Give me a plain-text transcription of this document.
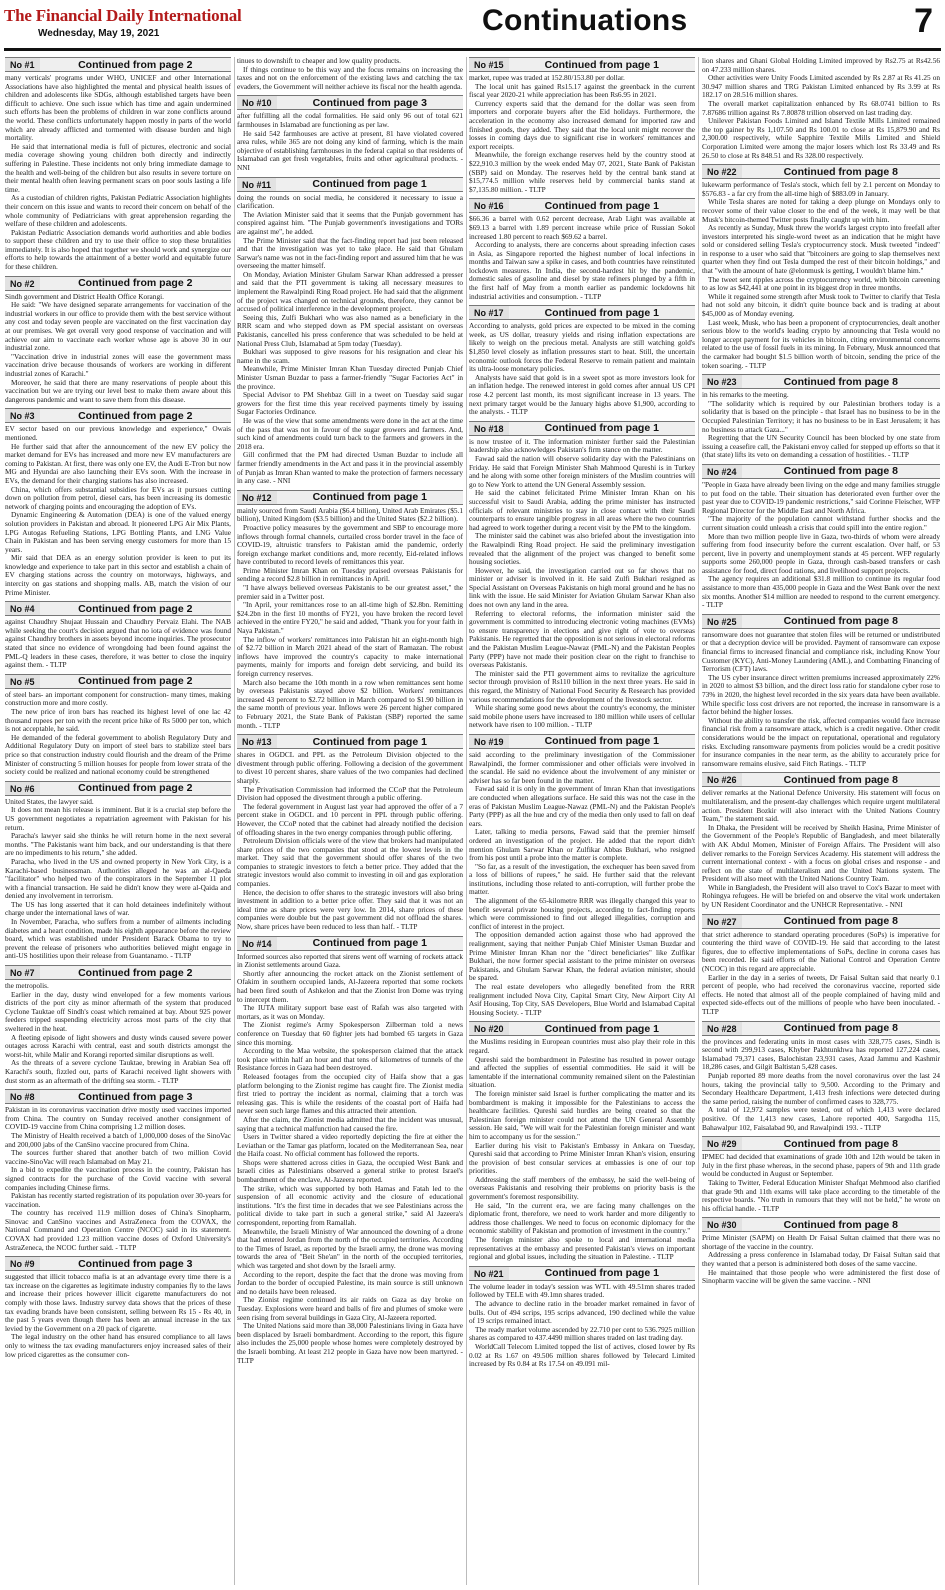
The Financial Daily International
Wednesday, May 19, 2021	Continuations	7
No #1	Continued from page 2

many verticals' programs under WHO, UNICEF and other International Associations have also highlighted the mental and physical health issues of children and adolescents like SDGs, although established targets have been difficult to achieve. One such issue which has time and again undermined such efforts has been the problems of children in war zone conflicts around the world. These conflicts unfortunately happen mostly in parts of the world which are already afflicted and tormented with disease burden and high mortality.

He said that international media is full of pictures, electronic and social media coverage showing young children both directly and indirectly suffering in Palestine. These incidents not only bring immediate damage to the health and well-being of the children but also results in severe torture on their mental health often leaving permanent scars on poor souls lasting a life time.

As a custodian of children rights, Pakistan Pediatric Association highlights their concern on this issue and wants to record their concern on behalf of the whole community of Pediatricians with great apprehension regarding the welfare of these children and adolescents.

Pakistan Pediatric Association demands world authorities and able bodies to support these children and try to use their office to stop these brutalities immediately. It is also hoped that together we should work and synergize our efforts to help towards the attainment of a better world and equitable future for these children.

No #2	Continued from page 2

Sindh government and District Health Office Korangi.

He said: "We have designed separate arrangements for vaccination of the industrial workers in our office to provide them with the best service without any cost and today seven people are vaccinated on the first vaccination day at our premises. We get overall very good response of vaccination and will achieve our aim to vaccinate each worker whose age is above 30 in our industrial zone.

"Vaccination drive in industrial zones will ease the government mass vaccination drive because thousands of workers are working in different industrial zones of Karachi."

Moreover, he said that there are many reservations of people about this vaccination but we are trying our level best to make them aware about this dangerous pandemic and want to save them from this disease.

No #3	Continued from page 2

EV sector based on our previous knowledge and experience," Owais mentioned.

He further said that after the announcement of the new EV policy the market demand for EVs has increased and more new EV manufacturers are coming to Pakistan. At first, there was only one EV, the Audi E-Tron but now MG and Hyundai are also launching their EVs soon. With the increase in EVs, the demand for their charging stations has also increased.

China, which offers substantial subsidies for EVs as it pursues cutting down on pollution from petrol, diesel cars, has been increasing its domestic network of charging points and encouraging the adoption of EVs.

Dynamic Engineering & Automation (DEA) is one of the valued energy solution providers in Pakistan and abroad. It pioneered LPG Air Mix Plants, LPG Autogas Refueling Stations, LPG Bottling Plants, and LNG Value Chain in Pakistan and has been serving energy customers for more than 15 years.

Mir said that DEA as an energy solution provider is keen to put its knowledge and experience to take part in this sector and establish a chain of EV charging stations across the country on motorways, highways, and intercity on gas stations and shopping malls. AB, match the vision of our Prime Minister.

No #4	Continued from page 2

against Chaudhry Shujaat Hussain and Chaudhry Pervaiz Elahi. The NAB while seeking the court's decision argued that no iota of evidence was found against Chaudhry brothers in assets beyond income inquiries. The prosecutor stated that since no evidence of wrongdoing had been found against the PML-Q leaders in these cases, therefore, it was better to close the inquiry against them. - TLTP

No #5	Continued from page 2

of steel bars- an important component for construction- many times, making construction more and more costly.

The new price of iron bars has reached its highest level of one lac 42 thousand rupees per ton with the recent price hike of Rs 5000 per ton, which is not acceptable, he said.

He demanded of the federal government to abolish Regulatory Duty and Additional Regulatory Duty on import of steel bars to stabilize steel bars price so that construction industry could flourish and the dream of the Prime Minister of constructing 5 million houses for people from lower strata of the society could be realized and national economy could be strengthened

No #6	Continued from page 2

United States, the lawyer said.

It does not mean his release is imminent. But it is a crucial step before the US government negotiates a repatriation agreement with Pakistan for his return.

Paracha's lawyer said she thinks he will return home in the next several months. "The Pakistanis want him back, and our understanding is that there are no impediments to his return," she added.

Paracha, who lived in the US and owned property in New York City, is a Karachi-based businessman. Authorities alleged he was an al-Qaeda "facilitator" who helped two of the conspirators in the September 11 plot with a financial transaction. He said he didn't know they were al-Qaida and denied any involvement in terrorism.

The US has long asserted that it can hold detainees indefinitely without charge under the international laws of war.

In November, Paracha, who suffers from a number of ailments including diabetes and a heart condition, made his eighth appearance before the review board, which was established under President Barack Obama to try to prevent the release of prisoners who authorities believed might engage in anti-US hostilities upon their release from Guantanamo. - TLTP

No #7	Continued from page 2

the metropolis.

Earlier in the day, dusty wind enveloped for a few moments various districts of the port city as minor aftermath of the system that produced Cyclone Tauktae off Sindh's coast which remained at bay. About 925 power feeders tripped suspending electricity across most parts of the city that sweltered in the heat.

A fleeting episode of light showers and dusty winds caused severe power outages across Karachi with central, east and south districts amongst the worst-hit, while Malir and Korangi reported similar disruptions as well.

As the threats of a severe cyclone Tauktae, brewing in Arabian Sea off Karachi's south, fizzled out, parts of Karachi received light showers with dust storm as an aftermath of the drifting sea storm. - TLTP

No #8	Continued from page 3

Pakistan in its coronavirus vaccination drive mostly used vaccines imported from China. The country on Sunday received another consignment of COVID-19 vaccine from China comprising 1.2 million doses.

The Ministry of Health received a batch of 1,000,000 doses of the SinoVac and 200,000 jabs of the CanSino vaccine procured from China.

The sources further shared that another batch of two million Covid vaccine-SinoVac will reach Islamabad on May 21.

In a bid to expedite the vaccination process in the country, Pakistan has signed contracts for the purchase of the Covid vaccine with several companies including Chinese firms.

Pakistan has recently started registration of its population over 30-years for vaccination.

The country has received 11.9 million doses of China's Sinopharm, Sinovac and CanSino vaccines and AstraZeneca from the COVAX, the National Command and Operation Centre (NCOC) said in its statement. COVAX had provided 1.23 million vaccine doses of Oxford University's AstraZeneca, the NCOC further said. - TLTP

No #9	Continued from page 3

suggested that illicit tobacco mafia is at an advantage every time there is a tax increase on the cigarettes as legitimate industry companies fly to the laws and increase their prices however illicit cigarette manufacturers do not comply with those laws. Industry survey data shows that the prices of these tax evading brands have been consistent, selling between Rs 15 - Rs 40, in the past 5 years even though there has been an annual increase in the tax levied by the Government on a 20 pack of cigarette.

The legal industry on the other hand has ensured compliance to all laws only to witness the tax evading manufacturers enjoy increased sales of their low priced cigarettes as the consumer con-

tinues to downshift to cheaper and low quality products.

If things continue to be this way and the focus remains on increasing the taxes and not on the enforcement of the existing laws and catching the tax evaders, the Government will neither achieve its fiscal nor the health agenda.

No #10	Continued from page 3

after fulfilling all the codal formalities. He said only 96 out of total 621 farmhouses in Islamabad are functioning as per law.

He said 542 farmhouses are active at present, 81 have violated covered area rules, while 365 are not doing any kind of farming, which is the main objective of establishing farmhouses in the federal capital so that residents of Islamabad can get fresh vegetables, fruits and other agricultural products. - NNI

No #11	Continued from page 1

doing the rounds on social media, he considered it necessary to issue a clarification.

The Aviation Minister said that it seems that the Punjab government has conspired against him. "The Punjab government's investigations and TORs are against me", he added.

The Prime Minister said that the fact-finding report had just been released and that the investigation was yet to take place. He said that Ghulam Sarwar's name was not in the fact-finding report and assured him that he was overseeing the matter himself.

On Monday, Aviation Minister Ghulam Sarwar Khan addressed a presser and said that the PTI government is taking all necessary measures to implement the Rawalpindi Ring Road project. He had said that the alignment of the project was changed on technical grounds, therefore, they cannot be accused of political interference in the development project.

Seeing this, Zulfi Bukhari who was also named as a beneficiary in the RRR scam and who stepped down as PM special assistant on overseas Pakistanis, cancelled his press conference that was scheduled to be held at National Press Club, Islamabad at 5pm today (Tuesday).

Bukhari was supposed to give reasons for his resignation and clear his name in the scam.

Meanwhile, Prime Minister Imran Khan Tuesday directed Punjab Chief Minister Usman Buzdar to pass a farmer-friendly "Sugar Factories Act" in the province.

Special Advisor to PM Shehbaz Gill in a tweet on Tuesday said sugar growers for the first time this year received payments timely by issuing Sugar Factories Ordinance.

He was of the view that some amendments were done in the act at the time of the pass that was not in favour of the sugar growers and farmers. And, such kind of amendments could turn back to the farmers and growers in the 2018 era.

Gill confirmed that the PM had directed Usman Buzdar to include all farmer friendly amendments in the Act and pass it in the provincial assembly of Punjab as Imran Khan wanted to make the protection of farmers necessary in any case. - NNI

No #12	Continued from page 1

mainly sourced from Saudi Arabia ($6.4 billion), United Arab Emirates ($5.1 billion), United Kingdom ($3.5 billion) and the United States ($2.2 billion).

Proactive policy measures by the government and SBP to encourage more inflows through formal channels, curtailed cross border travel in the face of COVID-19, altruistic transfers to Pakistan amid the pandemic, orderly foreign exchange market conditions and, more recently, Eid-related inflows have contributed to record levels of remittances this year.

Prime Minister Imran Khan on Tuesday praised overseas Pakistanis for sending a record $2.8 billion in remittances in April.

"I have always believed overseas Pakistanis to be our greatest asset," the premier said in a Twitter post.

"In April, your remittances rose to an all-time high of $2.8bn. Remitting $24.2bn in the first 10 months of FY21, you have broken the record level achieved in the entire FY20," he said and added, "Thank you for your faith in Naya Pakistan."

The inflow of workers' remittances into Pakistan hit an eight-month high of $2.72 billion in March 2021 ahead of the start of Ramazan. The robust inflows have improved the country's capacity to make international payments, mainly for imports and foreign debt servicing, and build its foreign currency reserves.

March also became the 10th month in a row when remittances sent home by overseas Pakistanis stayed above $2 billion. Workers' remittances increased 43 percent to $2.72 billion in March compared to $1.90 billion in the same month of previous year. Inflows were 26 percent higher compared to February 2021, the State Bank of Pakistan (SBP) reported the same month. - TLTP

No #13	Continued from page 1

shares in OGDCL and PPL as the Petroleum Division objected to the divestment through public offering. Following a decision of the government to divest 10 percent shares, share values of the two companies had declined sharply.

The Privatisation Commission had informed the CCoP that the Petroleum Division had opposed the divestment through a public offering.

The federal government in August last year had approved the offer of a 7 percent stake in OGDCL and 10 percent in PPL through public offering. However, the CCoP noted that the cabinet had already notified the decision of offloading shares in the two energy companies through public offering.

Petroleum Division officials were of the view that brokers had manipulated share prices of the two companies that stood at the lowest levels in the market. They said that the government should offer shares of the two companies to strategic investors to fetch a better price. They added that the strategic investors would also commit to investing in oil and gas exploration companies.

Hence, the decision to offer shares to the strategic investors will also bring investment in addition to a better price offer. They said that it was not an ideal time as share prices were very low. In 2014, share prices of these companies were double but the past government did not offload the shares. Now, share prices have been reduced to less than half. - TLTP

No #14	Continued from page 1

Informed sources also reported that sirens went off warning of rockets attack in Zionist settlements around Gaza.

Shortly after announcing the rocket attack on the Zionist settlement of Ofakim in southern occupied lands, Al-Jazeera reported that some rockets had been fired south of Ashkelon and that the Zionist Iron Dome was trying to intercept them.

The IUTA military support base east of Rafah was also targeted with mortars, as it was on Monday.

The Zionist regime's Army Spokesperson Zilberman told a news conference on Tuesday that 60 fighter jets had bombed 65 targets in Gaza since this morning.

According to the Maa website, the spokesperson claimed that the attack took place within half an hour and that tens of kilometres of tunnels of the Resistance forces in Gaza had been destroyed.

Released footages from the occupied city of Haifa show that a gas platform belonging to the Zionist regime has caught fire. The Zionist media first tried to portray the incident as normal, claiming that a torch was releasing gas. This is while the residents of the coastal port of Haifa had never seen such large flames and this attracted their attention.

After the claim, the Zionist media admitted that the incident was unusual, saying that a technical malfunction had caused the fire.

Users in Twitter shared a video reportedly depicting the fire at either the Leviathan or the Tamar gas platform, located on the Mediterranean Sea, near the Haifa coast. No official comment has followed the reports.

Shops were shattered across cities in Gaza, the occupied West Bank and Israeli cities as Palestinians observed a general strike to protest Israel's bombardment of the enclave, Al-Jazeera reported.

The strike, which was supported by both Hamas and Fatah led to the suspension of all economic activity and the closure of educational institutions. "It's the first time in decades that we see Palestinians across the political divide to take part in such a general strike," said Al Jazeera's correspondent, reporting from Ramallah.

Meanwhile, the Israeli Ministry of War announced the downing of a drone that had entered Jordan from the north of the occupied territories. According to the Times of Israel, as reported by the Israeli army, the drone was moving towards the area of "Beit She'an" in the north of the occupied territories, which was targeted and shot down by the Israeli army.

According to the report, despite the fact that the drone was moving from Jordan to the border of occupied Palestine, its main source is still unknown and no details have been released.

The Zionist regime continued its air raids on Gaza as day broke on Tuesday. Explosions were heard and balls of fire and plumes of smoke were seen rising from several buildings in Gaza City, Al-Jazeera reported.

The United Nations said more than 38,000 Palestinians living in Gaza have been displaced by Israeli bombardment. According to the report, this figure also includes the 25,000 people whose homes were completely destroyed by the Israeli bombing. At least 212 people in Gaza have now been martyred. - TLTP

No #15	Continued from page 1

market, rupee was traded at 152.80/153.80 per dollar.

The local unit has gained Rs15.17 against the greenback in the current fiscal year 2020-21 while appreciation has been Rs6.95 in 2021.

Currency experts said that the demand for the dollar was seen from importers and corporate buyers after the Eid holidays. Furthermore, the acceleration in the economy also increased demand for imported raw and finished goods, they added. They said that the local unit might recover the losses in coming days due to significant rise in workers' remittances and export receipts.

Meanwhile, the foreign exchange reserves held by the country stood at $22,910.3 million by the week ended May 07, 2021, State Bank of Pakistan (SBP) said on Monday. The reserves held by the central bank stand at $15,774.5 million while reserves held by commercial banks stand at $7,135.80 million. - TLTP

No #16	Continued from page 1

$66.36 a barrel with 0.62 percent decrease, Arab Light was available at $69.13 a barrel with 1.89 percent increase while price of Russian Sokol increased 1.80 percent to reach $69.62 a barrel.

According to analysts, there are concerns about spreading infection cases in Asia, as Singapore reported the highest number of local infections in months and Taiwan saw a spike in cases, and both countries have reinstituted lockdown measures. In India, the second-hardest hit by the pandemic, domestic sales of gasoline and diesel by state refiners plunged by a fifth in the first half of May from a month earlier as pandemic lockdowns hit industrial activities and consumption. - TLTP

No #17	Continued from page 1

According to analysts, gold prices are expected to be mixed in the coming week, as US dollar, treasury yields and rising inflation expectations are likely to weigh on the precious metal. Analysts are still watching gold's $1,850 level closely as inflation pressures start to heat. Still, the uncertain economic outlook forces the Federal Reserve to remain patient and maintain its ultra-loose monetary policies.

Analysts have said that gold is in a sweet spot as more investors look for an inflation hedge. The renewed interest in gold comes after annual US CPI rose 4.2 percent last month, its most significant increase in 13 years. The next primary target would be the January highs above $1,900, according to the analysts. - TLTP

No #18	Continued from page 1

is now trustee of it. The information minister further said the Palestinian leadership also acknowledges Pakistan's firm stance on the matter.

Fawad said the nation will observe solidarity day with the Palestinians on Friday. He said that Foreign Minister Shah Mahmood Qureshi is in Turkey and he along with some other foreign ministers of the Muslim countries will go to New York to attend the UN General Assembly session.

He said the cabinet felicitated Prime Minister Imran Khan on his successful visit to Saudi Arabia, adding the prime minister has instructed officials of relevant ministries to stay in close contact with their Saudi counterparts to ensure tangible progress in all areas where the two countries had agreed to work together during a recent visit by the PM to the kingdom.

The minister said the cabinet was also briefed about the investigation into the Rawalpindi Ring Road project. He said the preliminary investigation revealed that the alignment of the project was changed to benefit some housing societies.

However, he said, the investigation carried out so far shows that no minister or adviser is involved in it. He said Zulfi Bukhari resigned as Special Assistant on Overseas Pakistanis on high moral ground and he has no link with the issue. He said Minister for Aviation Ghulam Sarwar Khan also does not own any land in the area.

Referring to electoral reforms, the information minister said the government is committed to introducing electronic voting machines (EVMs) to ensure transparency in elections and give right of vote to overseas Pakistanis. He regretted that the opposition is not serious in electoral reforms and the Pakistan Muslim League-Nawaz (PML-N) and the Pakistan Peoples Party (PPP) have not made their position clear on the right to franchise to overseas Pakistanis.

The minister said the PTI government aims to revitalize the agriculture sector through provision of Rs110 billion in the next three years. He said in this regard, the Ministry of National Food Security & Research has provided various recommendations for the development of the livestock sector.

While sharing some good news about the country's economy, the minister said mobile phone users have increased to 180 million while users of cellular network have risen to 100 million. - TLTP

No #19	Continued from page 1

said according to the preliminary investigation of the Commissioner Rawalpindi, the former commissioner and other officials were involved in the scandal. He said no evidence about the involvement of any minister or adviser has so far been found in the matter.

Fawad said it is only in the government of Imran Khan that investigations are conducted when allegations surface. He said this was not the case in the eras of Pakistan Muslim League-Nawaz (PML-N) and the Pakistan People's Party (PPP) as all the hue and cry of the media then only used to fall on deaf ears.

Later, talking to media persons, Fawad said that the premier himself ordered an investigation of the project. He added that the report didn't mention Ghulam Sarwar Khan or Zulfikar Abbas Bukhari, who resigned from his post until a probe into the matter is complete.

"So far, as a result of the investigation, the exchequer has been saved from a loss of billions of rupees," he said. He further said that the relevant institutions, including those related to anti-corruption, will further probe the matter.

The alignment of the 65-kilometre RRR was illegally changed this year to benefit several private housing projects, according to fact-finding reports which were commissioned to find out alleged illegalities, corruption and conflict of interest in the project.

The opposition demanded action against those who had approved the realignment, saying that neither Punjab Chief Minister Usman Buzdar and Prime Minister Imran Khan nor the "direct beneficiaries" like Zulfikar Bukhari, the now former special assistant to the prime minister on overseas Pakistanis, and Ghulam Sarwar Khan, the federal aviation minister, should be spared.

The real estate developers who allegedly benefited from the RRR realignment included Nova City, Capital Smart City, New Airport City Al Asif Housing, Top City, SAS Developers, Blue World and Islamabad Capital Housing Society. - TLTP

No #20	Continued from page 1

the Muslims residing in European countries must also play their role in this regard.

Qureshi said the bombardment in Palestine has resulted in power outage and affected the supplies of essential commodities. He said it will be lamentable if the international community remained silent on the Palestinian situation.

The foreign minister said Israel is further complicating the matter and its bombardment is making it impossible for the Palestinians to access the healthcare facilities. Qureshi said hurdles are being created so that the Palestinian foreign minister could not attend the UN General Assembly session. He said, "We will wait for the Palestinian foreign minister and want him to accompany us for the session."

Earlier during his visit to Pakistan's Embassy in Ankara on Tuesday, Qureshi said that according to Prime Minister Imran Khan's vision, ensuring the provision of best consular services at embassies is one of our top priorities.

Addressing the staff members of the embassy, he said the well-being of overseas Pakistanis and resolving their problems on priority basis is the government's foremost responsibility.

He said, "In the current era, we are facing many challenges on the diplomatic front, therefore, we need to work harder and more diligently to address those challenges. We need to focus on economic diplomacy for the economic stability of Pakistan and promotion of investment in the country."

The foreign minister also spoke to local and international media representatives at the embassy and presented Pakistan's views on important regional and global issues, including the situation in Palestine. - TLTP

No #21	Continued from page 1

The volume leader in today's session was WTL with 49.51mn shares traded followed by TELE with 49.1mn shares traded.

The advance to decline ratio in the broader market remained in favor of bulls. Out of 494 scrips, 195 scrips advanced, 190 declined while the value of 19 scrips remained intact.

The ready market volume ascended by 22.710 per cent to 536.7925 million shares as compared to 437.4490 million shares traded on last trading day.

WorldCall Telecom Limited topped the list of actives, closed lower by Rs 0.02 at Rs 1.67 on 49.506 million shares followed by Telecard Limited increased by Rs 0.84 at Rs 17.54 on 49.091 mil-

lion shares and Ghani Global Holding Limited improved by Rs2.75 at Rs42.56 on 47.233 million shares.

Other activities were Unity Foods Limited ascended by Rs 2.87 at Rs 41.25 on 30.947 million shares and TRG Pakistan Limited enhanced by Rs 3.99 at Rs 182.17 on 28.516 million shares.

The overall market capitalization enhanced by Rs 68.0741 billion to Rs 7.87686 trillion against Rs 7.80878 trillion observed on last trading day.

Unilever Pakistan Foods Limited and Island Textile Mills Limited remained the top gainer by Rs 1,107.50 and Rs 100.01 to close at Rs 15,879.90 and Rs 2,300.00 respectively, while Sapphire Textile Mills Limited and Shield Corporation Limited were among the major losers which lost Rs 33.49 and Rs 26.50 to close at Rs 848.51 and Rs 328.00 respectively.

No #22	Continued from page 8

lukewarm performance of Tesla's stock, which fell by 2.1 percent on Monday to $576.83 - a far cry from the all-time high of $883.09 in January.

While Tesla shares are noted for taking a deep plunge on Mondays only to recover some of their value closer to the end of the week, it may well be that Musk's bitcoin-themed Twitter posts finally caught up with him.

As recently as Sunday, Musk threw the world's largest crypto into freefall after investors interpreted his single-word tweet as an indication that he might have sold or considered selling Tesla's cryptocurrency stock. Musk tweeted "indeed" in response to a user who said that "bitcoiners are going to slap themselves next quarter when they find out Tesla dumped the rest of their bitcoin holdings," and that "with the amount of hate @elonmusk is getting, I wouldn't blame him."

The tweet sent ripples across the cryptocurrency world, with bitcoin careening to as low as $42,441 at one point in its biggest drop in three months.

While it regained some strength after Musk took to Twitter to clarify that Tesla had not sold any bitcoin, it didn't quite bounce back and is trading at about $45,000 as of Monday evening.

Last week, Musk, who has been a proponent of cryptocurrencies, dealt another serious blow to the world's leading crypto by announcing that Tesla would no longer accept payment for its vehicles in bitcoin, citing environmental concerns related to the use of fossil fuels in its mining. In February, Musk announced that the carmaker had bought $1.5 billion worth of bitcoin, sending the price of the token soaring. - TLTP

No #23	Continued from page 8

in his remarks to the meeting.

"The solidarity which is required by our Palestinian brothers today is a solidarity that is based on the principle - that Israel has no business to be in the Occupied Palestinian Territory; it has no business to be in East Jerusalem; it has no business to attack Gaza..."

Regretting that the UN Security Council has been blocked by one state from issuing a ceasefire call, the Pakistani envoy called for stepped up efforts so that it (that state) lifts its veto on demanding a cessation of hostilities. - TLTP

No #24	Continued from page 8

"People in Gaza have already been living on the edge and many families struggle to put food on the table. Their situation has deteriorated even further over the past year due to COVID-19 pandemic restrictions," said Corinne Fleischer, WFP Regional Director for the Middle East and North Africa.

"The majority of the population cannot withstand further shocks and the current situation could unleash a crisis that could spill into the entire region."

More than two million people live in Gaza, two-thirds of whom were already suffering from food insecurity before the current escalation. Over half, or 53 percent, live in poverty and unemployment stands at 45 percent. WFP regularly supports some 260,000 people in Gaza, through cash-based transfers or cash assistance for food, direct food rations, and livelihood support projects.

The agency requires an additional $31.8 million to continue its regular food assistance to more than 435,000 people in Gaza and the West Bank over the next six months. Another $14 million are needed to respond to the current emergency. - TLTP

No #25	Continued from page 8

ransomware does not guarantee that stolen files will be returned or undistributed or that a decryption device will be provided. Payment of ransomware can expose financial firms to increased financial and compliance risk, including Know Your Customer (KYC), Anti-Money Laundering (AML), and Combatting Financing of Terrorism (CFT) laws.

The US cyber insurance direct written premiums increased approximately 22% in 2020 to almost $3 billion, and the direct loss ratio for standalone cyber rose to 73% in 2020, the highest level recorded in the six years data have been available. While specific loss cost drivers are not reported, the increase in ransomware is a factor behind the higher losses.

Without the ability to transfer the risk, affected companies would face increase financial risk from a ransomware attack, which is a credit negative. Other credit considerations would be the impact on reputational, operational and regulatory risks. Excluding ransomware payments from policies would be a credit positive for insurance companies in the near term, as the ability to accurately price for ransomware remains elusive, said Fitch Ratings. - TLTP

No #26	Continued from page 8

deliver remarks at the National Defence University. His statement will focus on multilateralism, and the present-day challenges which require urgent multilateral action. President Bozkir will also interact with the United Nations Country Team," the statement said.

In Dhaka, the President will be received by Sheikh Hasina, Prime Minister of the Government of the People's Republic of Bangladesh, and meet bilaterally with AK Abdul Momen, Minister of Foreign Affairs. The President will also deliver remarks to the Foreign Services Academy. His statement will address the current international context - with a focus on global crises and response - and reflect on the state of multilateralism and the United Nations system. The President will also meet with the United Nations Country Team.

While in Bangladesh, the President will also travel to Cox's Bazar to meet with Rohingya refugees. He will be briefed on and observe the vital work undertaken by UN Resident Coordinator and the UNHCR Representative. - NNI

No #27	Continued from page 8

that strict adherence to standard operating procedures (SoPs) is imperative for countering the third wave of COVID-19. He said that according to the latest figures, due to effective implementations of SoPs, decline in corona cases has been recorded. He said efforts of the National Control and Operation Centre (NCOC) in this regard are appreciable.

Earlier in the day in a series of tweets, Dr Faisal Sultan said that nearly 0.1 percent of people, who had received the coronavirus vaccine, reported side effects. He noted that almost all of the people complained of having mild and expected side-effects out of the millions of people who have been inoculated. - TLTP

No #28	Continued from page 8

the provinces and federating units in most cases with 328,775 cases, Sindh is second with 299,913 cases, Khyber Pakhtunkhwa has reported 127,224 cases, Islamabad 79,371 cases, Balochistan 23,931 cases, Azad Jammu and Kashmir 18,286 cases, and Gilgit Baltistan 5,428 cases.

Punjab reported 89 more deaths from the novel coronavirus over the last 24 hours, taking the provincial tally to 9,500. According to the Primary and Secondary Healthcare Department, 1,413 fresh infections were detected during the same period, raising the number of confirmed cases to 328,775.

A total of 12,972 samples were tested, out of which 1,413 were declared positive. Of the 1,413 new cases, Lahore reported 400, Sargodha 115, Bahawalpur 102, Faisalabad 90, and Rawalpindi 193. - TLTP

No #29	Continued from page 8

IPMEC had decided that examinations of grade 10th and 12th would be taken in July in the first phase whereas, in the second phase, papers of 9th and 11th grade would be conducted in August or September.

Taking to Twitter, Federal Education Minister Shafqat Mehmood also clarified that grade 9th and 11th exams will take place according to the timetable of the respective boards. "No truth in rumours that they will not be held," he wrote on his official handle. - TLTP

No #30	Continued from page 8

Prime Minister (SAPM) on Health Dr Faisal Sultan claimed that there was no shortage of the vaccine in the country.

Addressing a press conference in Islamabad today, Dr Faisal Sultan said that they wanted that a person is administered both doses of the same vaccine.

He maintained that those people who were administered the first dose of Sinopharm vaccine will be given the same vaccine. - NNI
